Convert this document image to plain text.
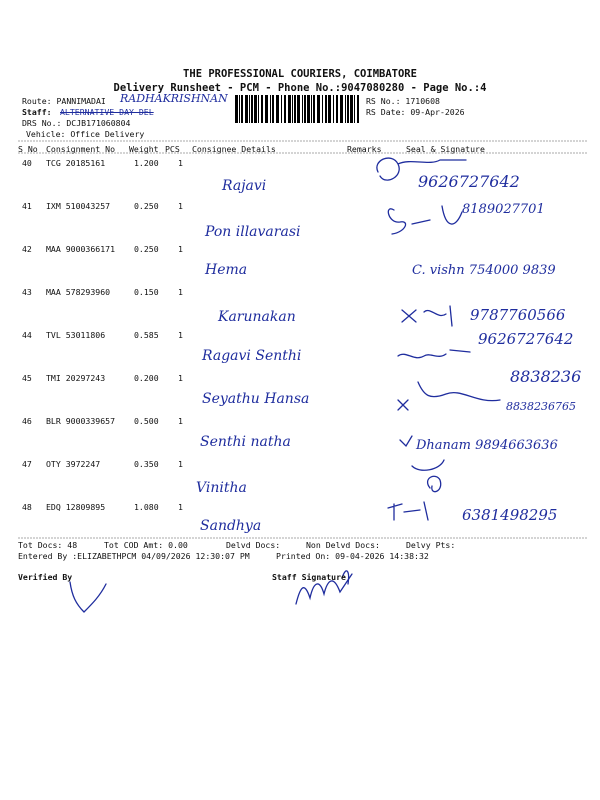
THE PROFESSIONAL COURIERS, COIMBATORE
Delivery Runsheet - PCM - Phone No.:9047080280 - Page No.:4
Route: PANNIMADAI RADHAKRISHNAN
Staff: ALTERNATIVE DAY DEL
DRS No.: DCJB171060804
Vehicle: Office Delivery
RS No.: 1710608
RS Date: 09-Apr-2026
S No Consignment No Weight PCS Consignee Details	Remarks	Seal & Signature
40 TCG 20185161	1.200 1
Rajavi	9626727642
41 IXM 510043257	0.250 1
Pon illavarasi
8189027701
42 MAA 9000366171 0.250 1
Hema	C. vishn 754000 9839
43 MAA 578293960	0.150 1
Karunakan	9787760566
44 TVL 53011806	0.585 1
Ragavi Senthi
9626727642
45 TMI 20297243	0.200 1
Seyathu Hansa
8838236
46 BLR 9000339657 0.500 1
Senthi natha
8838236765
47 OTY 3972247	0.350 1
Vinitha
Dhanam 9894663636
48 EDQ 12809895	1.080 1
Sandhya
6381498295
Tot Docs: 48	Tot COD Amt: 0.00	Delvd Docs:	Non Delvd Docs:	Delvy Pts:
Entered By :ELIZABETHPCM 04/09/2026 12:30:07 PM	Printed On: 09-04-2026 14:38:32
Verified By	Staff Signature
